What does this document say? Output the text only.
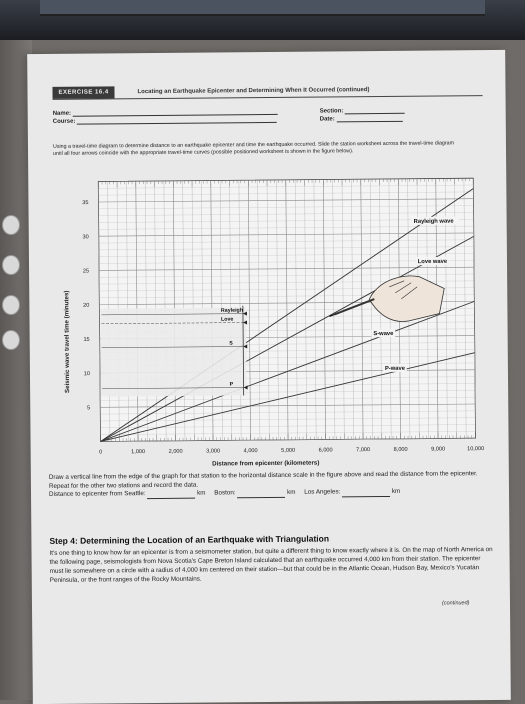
EXERCISE 16.4	Locating an Earthquake Epicenter and Determining When It Occurred (continued)
Name:
Course:
Section:
Date:
Using a travel-time diagram to determine distance to an earthquake epicenter and time the earthquake occurred. Slide the station worksheet across the travel-time diagram until all four arrows coincide with the appropriate travel-time curves (possible positioned worksheet is shown in the figure below).
Rayleigh wave
Love wave
S-wave
P-wave
Rayleigh
Love
S
P
0	1,000	2,000	3,000	4,000	5,000	6,000	7,000	8,000	9,000	10,000
5
10
15
20
25
30
35
Distance from epicenter (kilometers)
Seismic wave travel time (minutes)
Draw a vertical line from the edge of the graph for that station to the horizontal distance scale in the figure above and read the distance from the epicenter. Repeat for the other two stations and record the data.
Distance to epicenter from Seattle:	km Boston:	km Los Angeles:	km
Step 4: Determining the Location of an Earthquake with Triangulation
It's one thing to know how far an epicenter is from a seismometer station, but quite a different thing to know exactly where it is. On the map of North America on the following page, seismologists from Nova Scotia's Cape Breton Island calculated that an earthquake occurred 4,000 km from their station. The epicenter must lie somewhere on a circle with a radius of 4,000 km centered on their station—but that could be in the Atlantic Ocean, Hudson Bay, Mexico's Yucatán Peninsula, or the front ranges of the Rocky Mountains.
(continued)
